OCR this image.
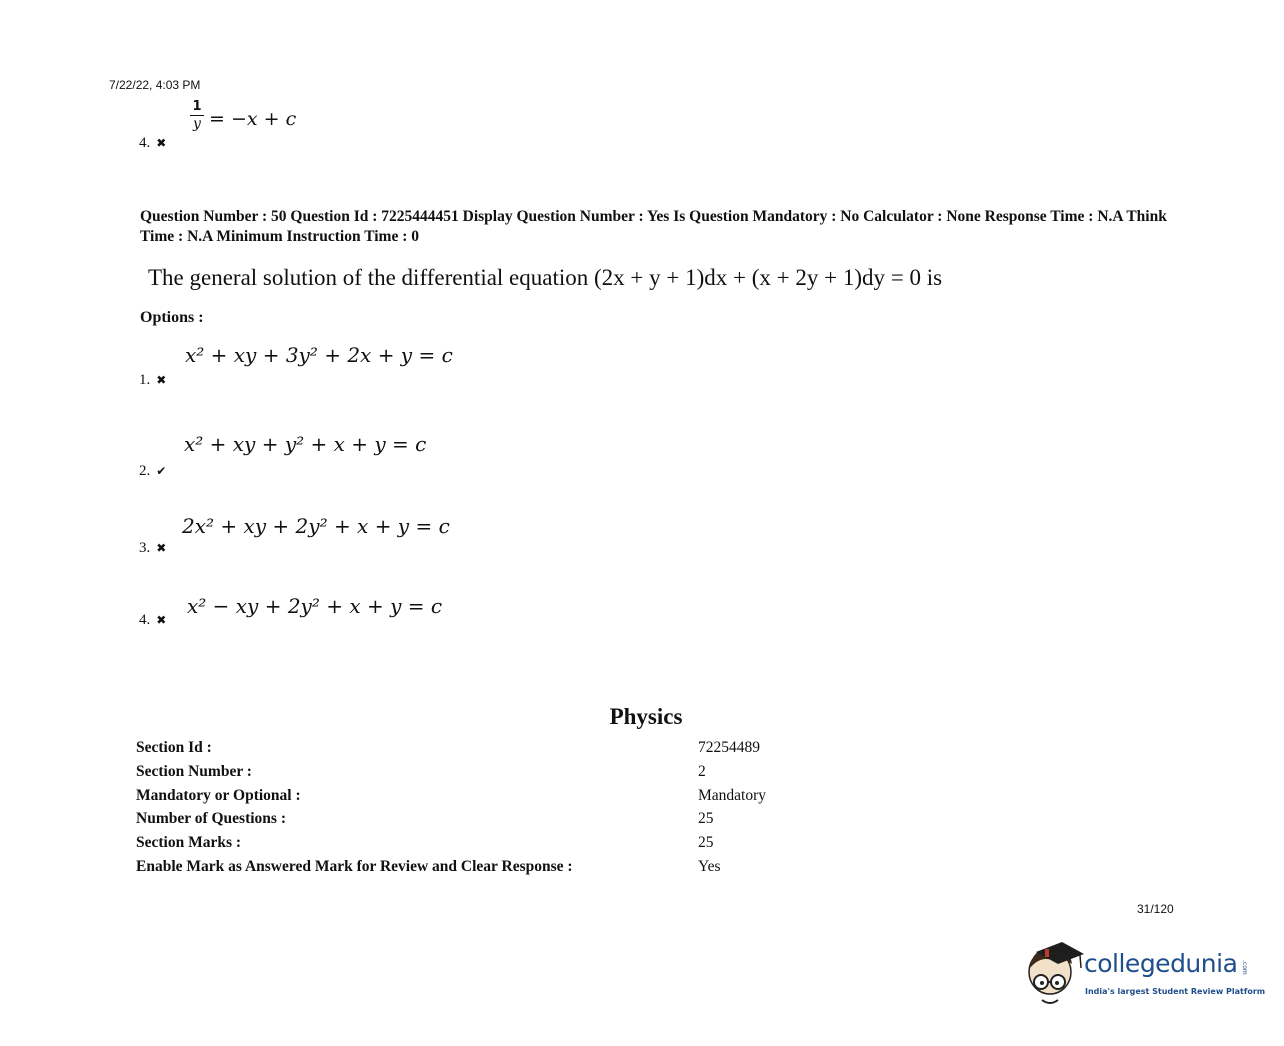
7/22/22, 4:03 PM
4. ✖
$\frac{1}{y} = -x + c$
Question Number : 50 Question Id : 7225444451 Display Question Number : Yes Is Question Mandatory : No Calculator : None Response Time : N.A Think Time : N.A Minimum Instruction Time : 0
The general solution of the differential equation (2x + y + 1)dx + (x + 2y + 1)dy = 0 is
Options :
1. ✖
x² + xy + 3y² + 2x + y = c
2. ✔
x² + xy + y² + x + y = c
3. ✖
2x² + xy + 2y² + x + y = c
4. ✖
x² − xy + 2y² + x + y = c
Physics
Section Id :	72254489
Section Number :	2
Mandatory or Optional :	Mandatory
Number of Questions :	25
Section Marks :	25
Enable Mark as Answered Mark for Review and Clear Response :	Yes
31/120
collegedunia .com
India's largest Student Review Platform
